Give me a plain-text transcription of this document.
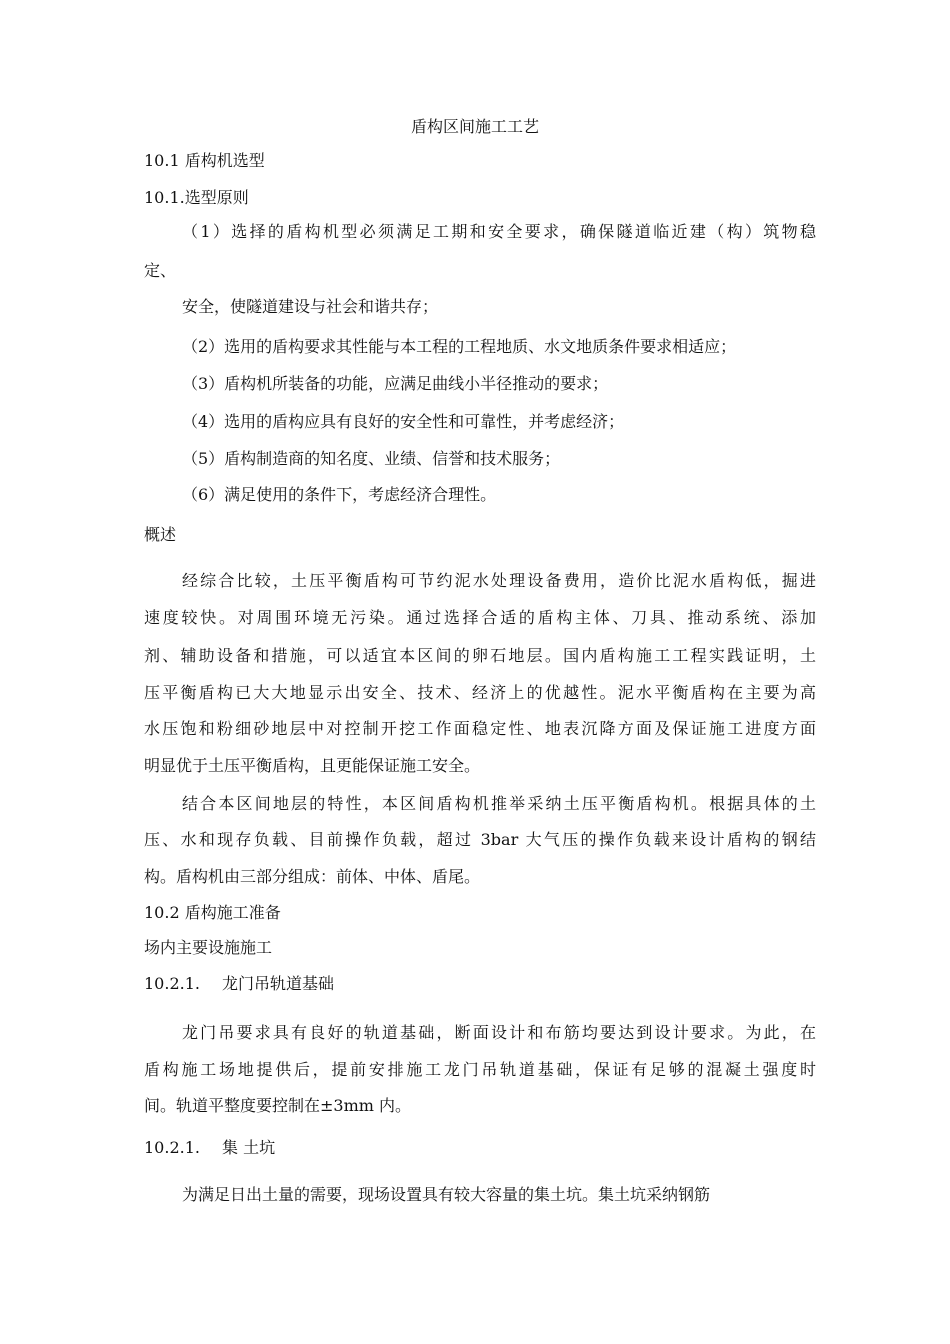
盾构区间施工工艺
10.1 盾构机选型
10.1.选型原则
（1）选择的盾构机型必须满足工期和安全要求，确保隧道临近建（构）筑物稳
定、
安全，使隧道建设与社会和谐共存；
（2）选用的盾构要求其性能与本工程的工程地质、水文地质条件要求相适应；
（3）盾构机所装备的功能，应满足曲线小半径推动的要求；
（4）选用的盾构应具有良好的安全性和可靠性，并考虑经济；
（5）盾构制造商的知名度、业绩、信誉和技术服务；
（6）满足使用的条件下，考虑经济合理性。
概述
经综合比较，土压平衡盾构可节约泥水处理设备费用，造价比泥水盾构低，掘进
速度较快。对周围环境无污染。通过选择合适的盾构主体、刀具、推动系统、添加
剂、辅助设备和措施，可以适宜本区间的卵石地层。国内盾构施工工程实践证明，土
压平衡盾构已大大地显示出安全、技术、经济上的优越性。泥水平衡盾构在主要为高
水压饱和粉细砂地层中对控制开挖工作面稳定性、地表沉降方面及保证施工进度方面
明显优于土压平衡盾构，且更能保证施工安全。
结合本区间地层的特性，本区间盾构机推举采纳土压平衡盾构机。根据具体的土
压、水和现存负载、目前操作负载，超过 3bar 大气压的操作负载来设计盾构的钢结
构。盾构机由三部分组成：前体、中体、盾尾。
10.2 盾构施工准备
场内主要设施施工
10.2.1. 龙门吊轨道基础
龙门吊要求具有良好的轨道基础，断面设计和布筋均要达到设计要求。为此，在
盾构施工场地提供后，提前安排施工龙门吊轨道基础，保证有足够的混凝土强度时
间。轨道平整度要控制在±3mm 内。
10.2.1. 集 土坑
为满足日出土量的需要，现场设置具有较大容量的集土坑。集土坑采纳钢筋
